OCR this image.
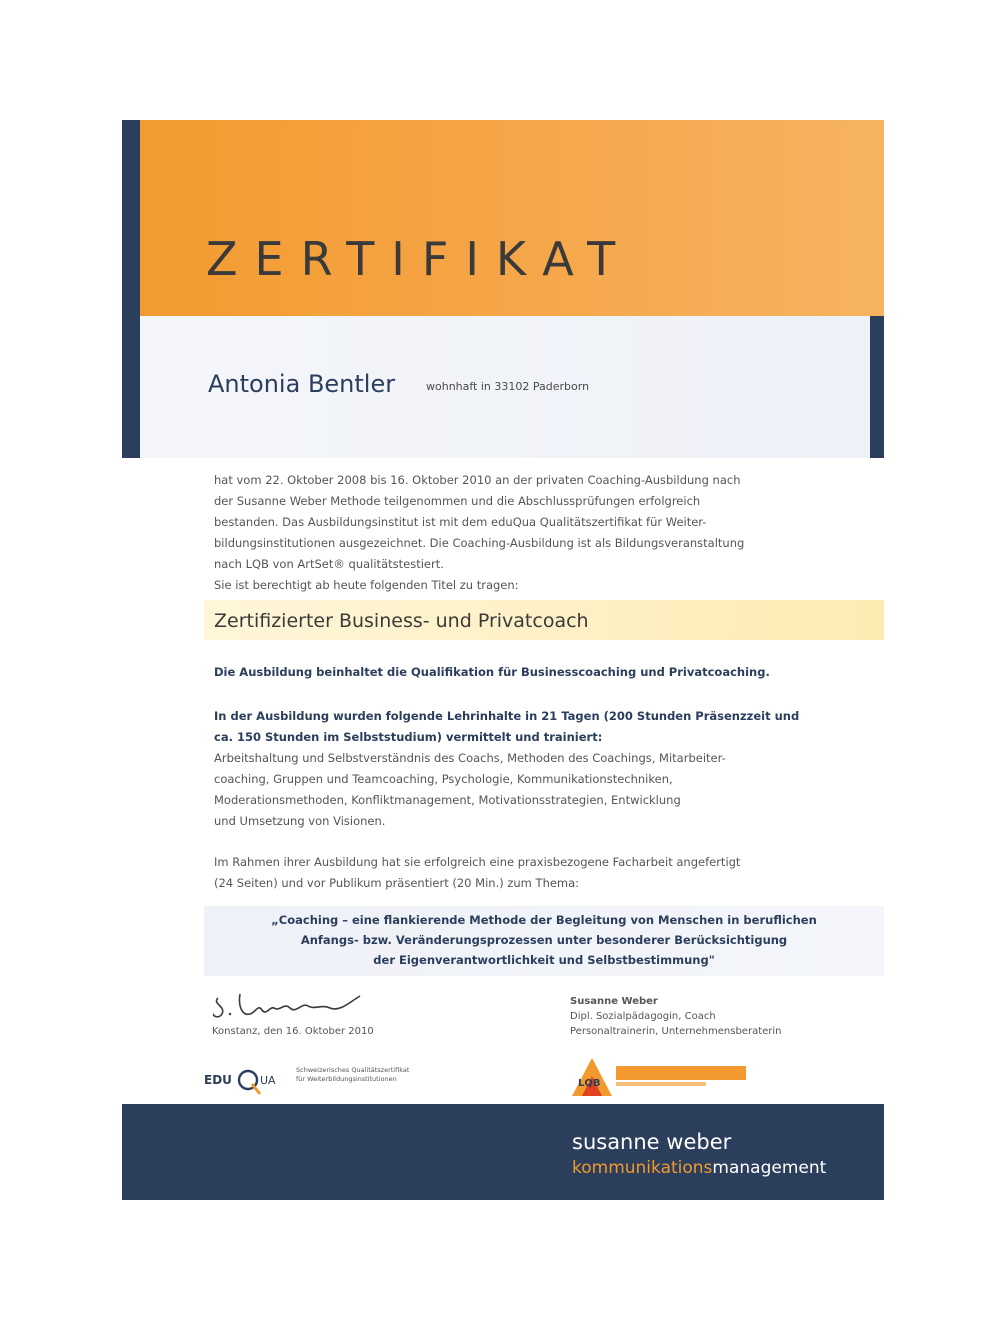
ZERTIFIKAT
Antonia Bentler	wohnhaft in 33102 Paderborn
hat vom 22. Oktober 2008 bis 16. Oktober 2010 an der privaten Coaching-Ausbildung nach
der Susanne Weber Methode teilgenommen und die Abschlussprüfungen erfolgreich
bestanden. Das Ausbildungsinstitut ist mit dem eduQua Qualitätszertifikat für Weiter-
bildungsinstitutionen ausgezeichnet. Die Coaching-Ausbildung ist als Bildungsveranstaltung
nach LQB von ArtSet® qualitätstestiert.
Sie ist berechtigt ab heute folgenden Titel zu tragen:
Zertifizierter Business- und Privatcoach
Die Ausbildung beinhaltet die Qualifikation für Businesscoaching und Privatcoaching.
In der Ausbildung wurden folgende Lehrinhalte in 21 Tagen (200 Stunden Präsenzzeit und
ca. 150 Stunden im Selbststudium) vermittelt und trainiert:
Arbeitshaltung und Selbstverständnis des Coachs, Methoden des Coachings, Mitarbeiter-
coaching, Gruppen und Teamcoaching, Psychologie, Kommunikationstechniken,
Moderationsmethoden, Konfliktmanagement, Motivationsstrategien, Entwicklung
und Umsetzung von Visionen.
Im Rahmen ihrer Ausbildung hat sie erfolgreich eine praxisbezogene Facharbeit angefertigt
(24 Seiten) und vor Publikum präsentiert (20 Min.) zum Thema:
„Coaching – eine flankierende Methode der Begleitung von Menschen in beruflichen
Anfangs- bzw. Veränderungsprozessen unter besonderer Berücksichtigung
der Eigenverantwortlichkeit und Selbstbestimmung"
Konstanz, den 16. Oktober 2010
Susanne Weber
Dipl. Sozialpädagogin, Coach
Personaltrainerin, Unternehmensberaterin
EDU	UA
Schweizerisches Qualitätszertifikat
für Weiterbildungsinstitutionen	LQB
susanne weber
kommunikationsmanagement
